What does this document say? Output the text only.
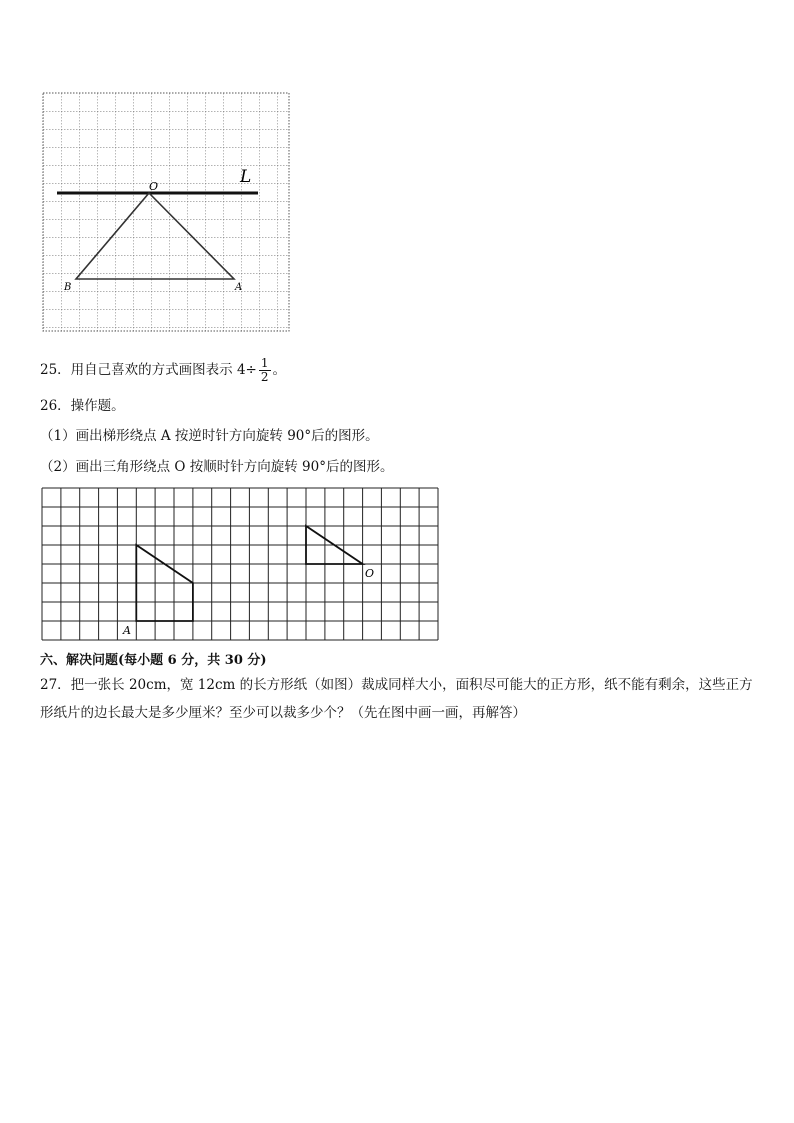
O	L
B	A
25．用自己喜欢的方式画图表示 $4\div \frac{1}{2}$ 。
26．操作题。
（1）画出梯形绕点 A 按逆时针方向旋转 90°后的图形。
（2）画出三角形绕点 O 按顺时针方向旋转 90°后的图形。
A
O
六、解决问题(每小题 6 分，共 30 分)
27．把一张长 20cm，宽 12cm 的长方形纸（如图）裁成同样大小，面积尽可能大的正方形，纸不能有剩余，这些正方
形纸片的边长最大是多少厘米？至少可以裁多少个？（先在图中画一画，再解答）
